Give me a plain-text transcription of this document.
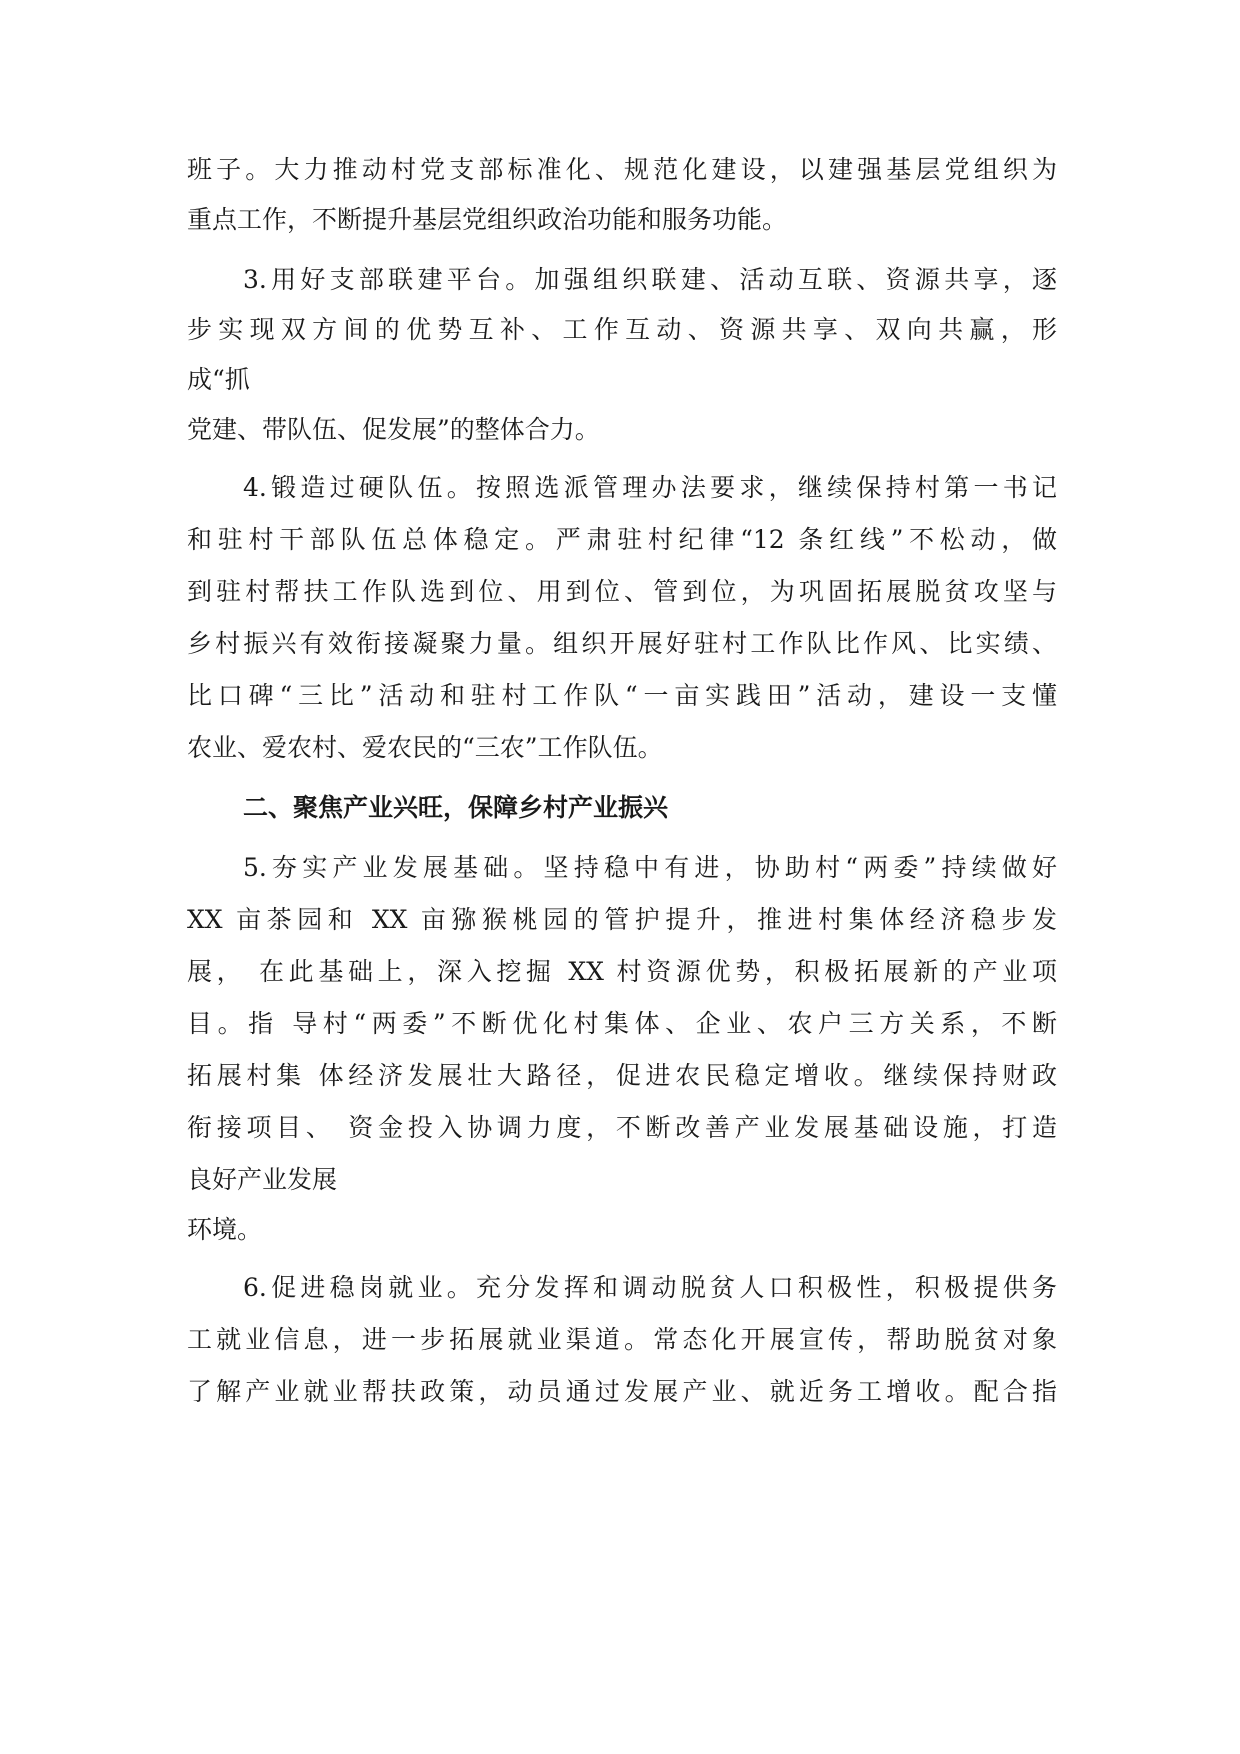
班子。大力推动村党支部标准化、规范化建设，以建强基层党组织为
重点工作，不断提升基层党组织政治功能和服务功能。
3.用好支部联建平台。加强组织联建、活动互联、资源共享，逐
步实现双方间的优势互补、工作互动、资源共享、双向共赢，形
成“抓
党建、带队伍、促发展”的整体合力。
4.锻造过硬队伍。按照选派管理办法要求，继续保持村第一书记
和驻村干部队伍总体稳定。严肃驻村纪律“12 条红线”不松动，做
到驻村帮扶工作队选到位、用到位、管到位，为巩固拓展脱贫攻坚与
乡村振兴有效衔接凝聚力量。组织开展好驻村工作队比作风、比实绩、
比口碑“三比”活动和驻村工作队“一亩实践田”活动，建设一支懂
农业、爱农村、爱农民的“三农”工作队伍。
二、聚焦产业兴旺，保障乡村产业振兴
5.夯实产业发展基础。坚持稳中有进，协助村“两委”持续做好
XX 亩茶园和 XX 亩猕猴桃园的管护提升，推进村集体经济稳步发
展， 在此基础上，深入挖掘 XX 村资源优势，积极拓展新的产业项
目。指 导村“两委”不断优化村集体、企业、农户三方关系，不断
拓展村集 体经济发展壮大路径，促进农民稳定增收。继续保持财政
衔接项目、 资金投入协调力度，不断改善产业发展基础设施，打造
良好产业发展
环境。
6.促进稳岗就业。充分发挥和调动脱贫人口积极性，积极提供务
工就业信息，进一步拓展就业渠道。常态化开展宣传，帮助脱贫对象
了解产业就业帮扶政策，动员通过发展产业、就近务工增收。配合指
